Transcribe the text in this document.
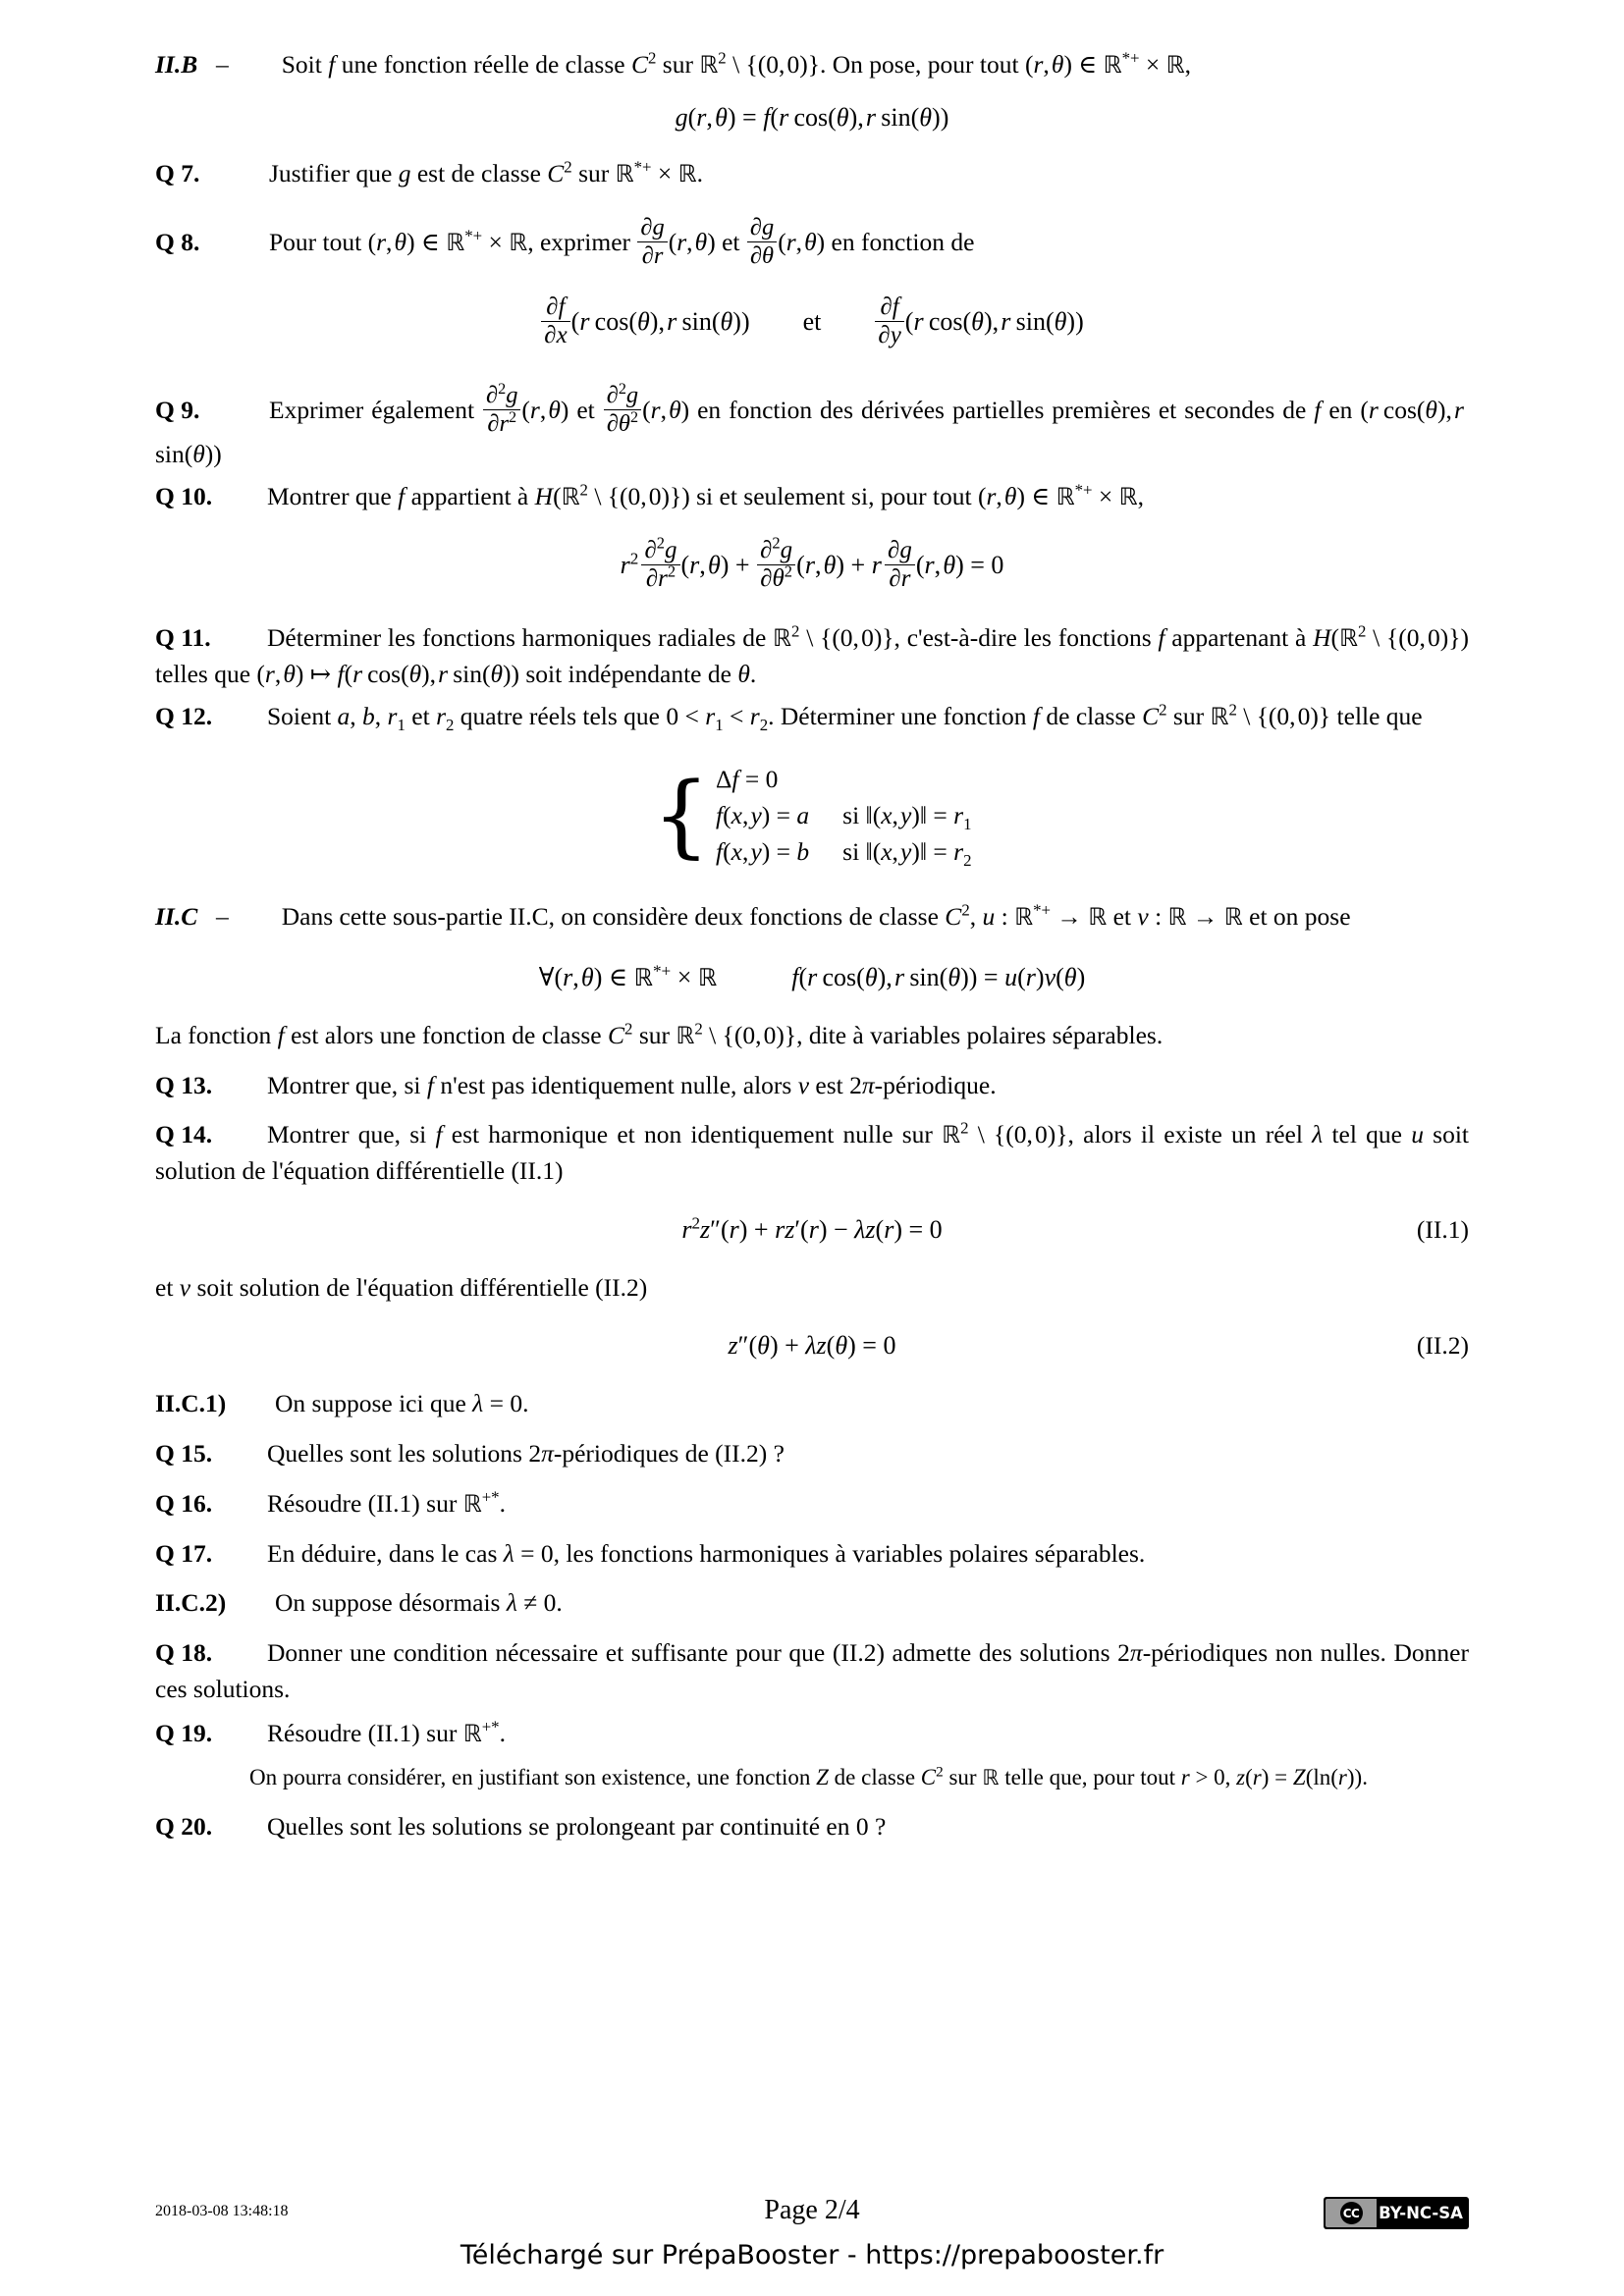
II.B – Soit f une fonction réelle de classe $C^2$ sur ℝ$^2$ \ {(0, 0)}. On pose, pour tout (r, θ) ∈ ℝ*+ × ℝ,
g(r, θ) = f(r  cos(θ), r  sin(θ))
Q 7.	Justifier que g est de classe $C^2$ sur ℝ*+ × ℝ.
Q 8.	Pour tout (r, θ) ∈ ℝ*+ × ℝ, exprimer $\frac{\partial g}{\partial r} (r$, θ) et $\frac{\partial g}{\partial\theta} (r$, θ) en fonction de
$\frac{\partial f}{\partial x} (r$  cos(θ), r  sin(θ)) et $\frac{\partial f}{\partial y} (r$  cos(θ), r  sin(θ))
Q 9.	Exprimer également $\frac{\partial^2g}{\partial r^2} (r$, θ) et $\frac{\partial^2g}{\partial\theta^2} (r$, θ) en fonction des dérivées partielles premières et secondes de f en (r  cos(θ), r sin(θ))
Q 10. Montrer que f appartient à H(ℝ$^2$ \ {(0, 0)}) si et seulement si, pour tout (r, θ) ∈ ℝ*+ × ℝ,
$r^2$  $\frac{\partial^2g}{\partial r^2} (r$, $\theta) + \frac{\partial^2g}{\partial\theta^2} (r$, θ) + r  $\frac{\partial g}{\partial r} (r$, θ) = 0
Q 11. Déterminer les fonctions harmoniques radiales de ℝ$^2$ \ {(0, 0)}, c'est-à-dire les fonctions f appartenant à H(ℝ$^2$ \ {(0, 0)}) telles que (r, θ) ↦ f(r  cos(θ), r  sin(θ)) soit indépendante de θ.
Q 12. Soient a, b, $r_1$ et $r_2$ quatre réels tels que $0 < r_1 < r_2$. Déterminer une fonction f de classe $C^2$ sur ℝ$^2$ \ {(0, 0)} telle que
{ Δf = 0
f(x, y) = a si ‖(x, y)‖ = $r_1$
f(x, y) = b si ‖(x, y)‖ = $r_2$
II.C – Dans cette sous-partie II.C, on considère deux fonctions de classe $C^2$, u : ℝ*+ → ℝ et v : ℝ → ℝ et on pose
∀(r, θ) ∈ ℝ*+ × ℝ	f(r  cos(θ), r  sin(θ)) = u(r)v(θ)
La fonction f est alors une fonction de classe $C^2$ sur ℝ$^2$ \ {(0, 0)}, dite à variables polaires séparables.
Q 13. Montrer que, si f n'est pas identiquement nulle, alors v est 2π-périodique.
Q 14. Montrer que, si f est harmonique et non identiquement nulle sur ℝ$^2$ \ {(0, 0)}, alors il existe un réel λ tel que u soit solution de l'équation différentielle (II.1)
$r^2z''(r) + rz'(r) - \lambda z(r) = 0$	(II.1)
et v soit solution de l'équation différentielle (II.2)
z″(θ) + λz(θ) = 0	(II.2)
II.C.1) On suppose ici que λ = 0.
Q 15. Quelles sont les solutions 2π-périodiques de (II.2) ?
Q 16. Résoudre (II.1) sur ℝ+*.
Q 17. En déduire, dans le cas λ = 0, les fonctions harmoniques à variables polaires séparables.
II.C.2) On suppose désormais λ ≠ 0.
Q 18. Donner une condition nécessaire et suffisante pour que (II.2) admette des solutions 2π-périodiques non nulles. Donner ces solutions.
Q 19. Résoudre (II.1) sur ℝ+*.
On pourra considérer, en justifiant son existence, une fonction Z de classe $C^2$ sur ℝ telle que, pour tout r > 0, z(r) = Z(ln(r)).
Q 20. Quelles sont les solutions se prolongeant par continuité en 0 ?
2018-03-08 13:48:18	Page 2/4	CC BY-NC-SA
Téléchargé sur PrépaBooster - https://prepabooster.fr
